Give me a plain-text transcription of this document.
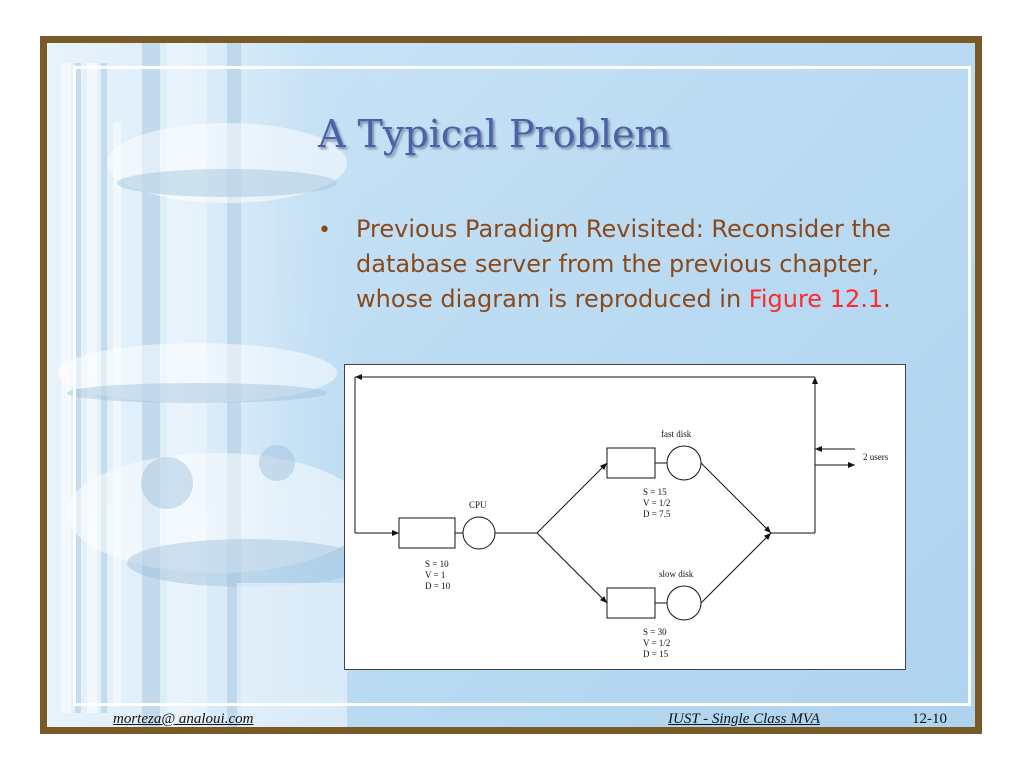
A Typical Problem
• Previous Paradigm Revisited: Reconsider the database server from the previous chapter, whose diagram is reproduced in Figure 12.1.
2 users
CPU
S = 10
V = 1
D = 10
fast disk
S = 15
V = 1/2
D = 7.5
slow disk
S = 30
V = 1/2
D = 15
morteza@ analoui.com	IUST - Single Class MVA	12-10
